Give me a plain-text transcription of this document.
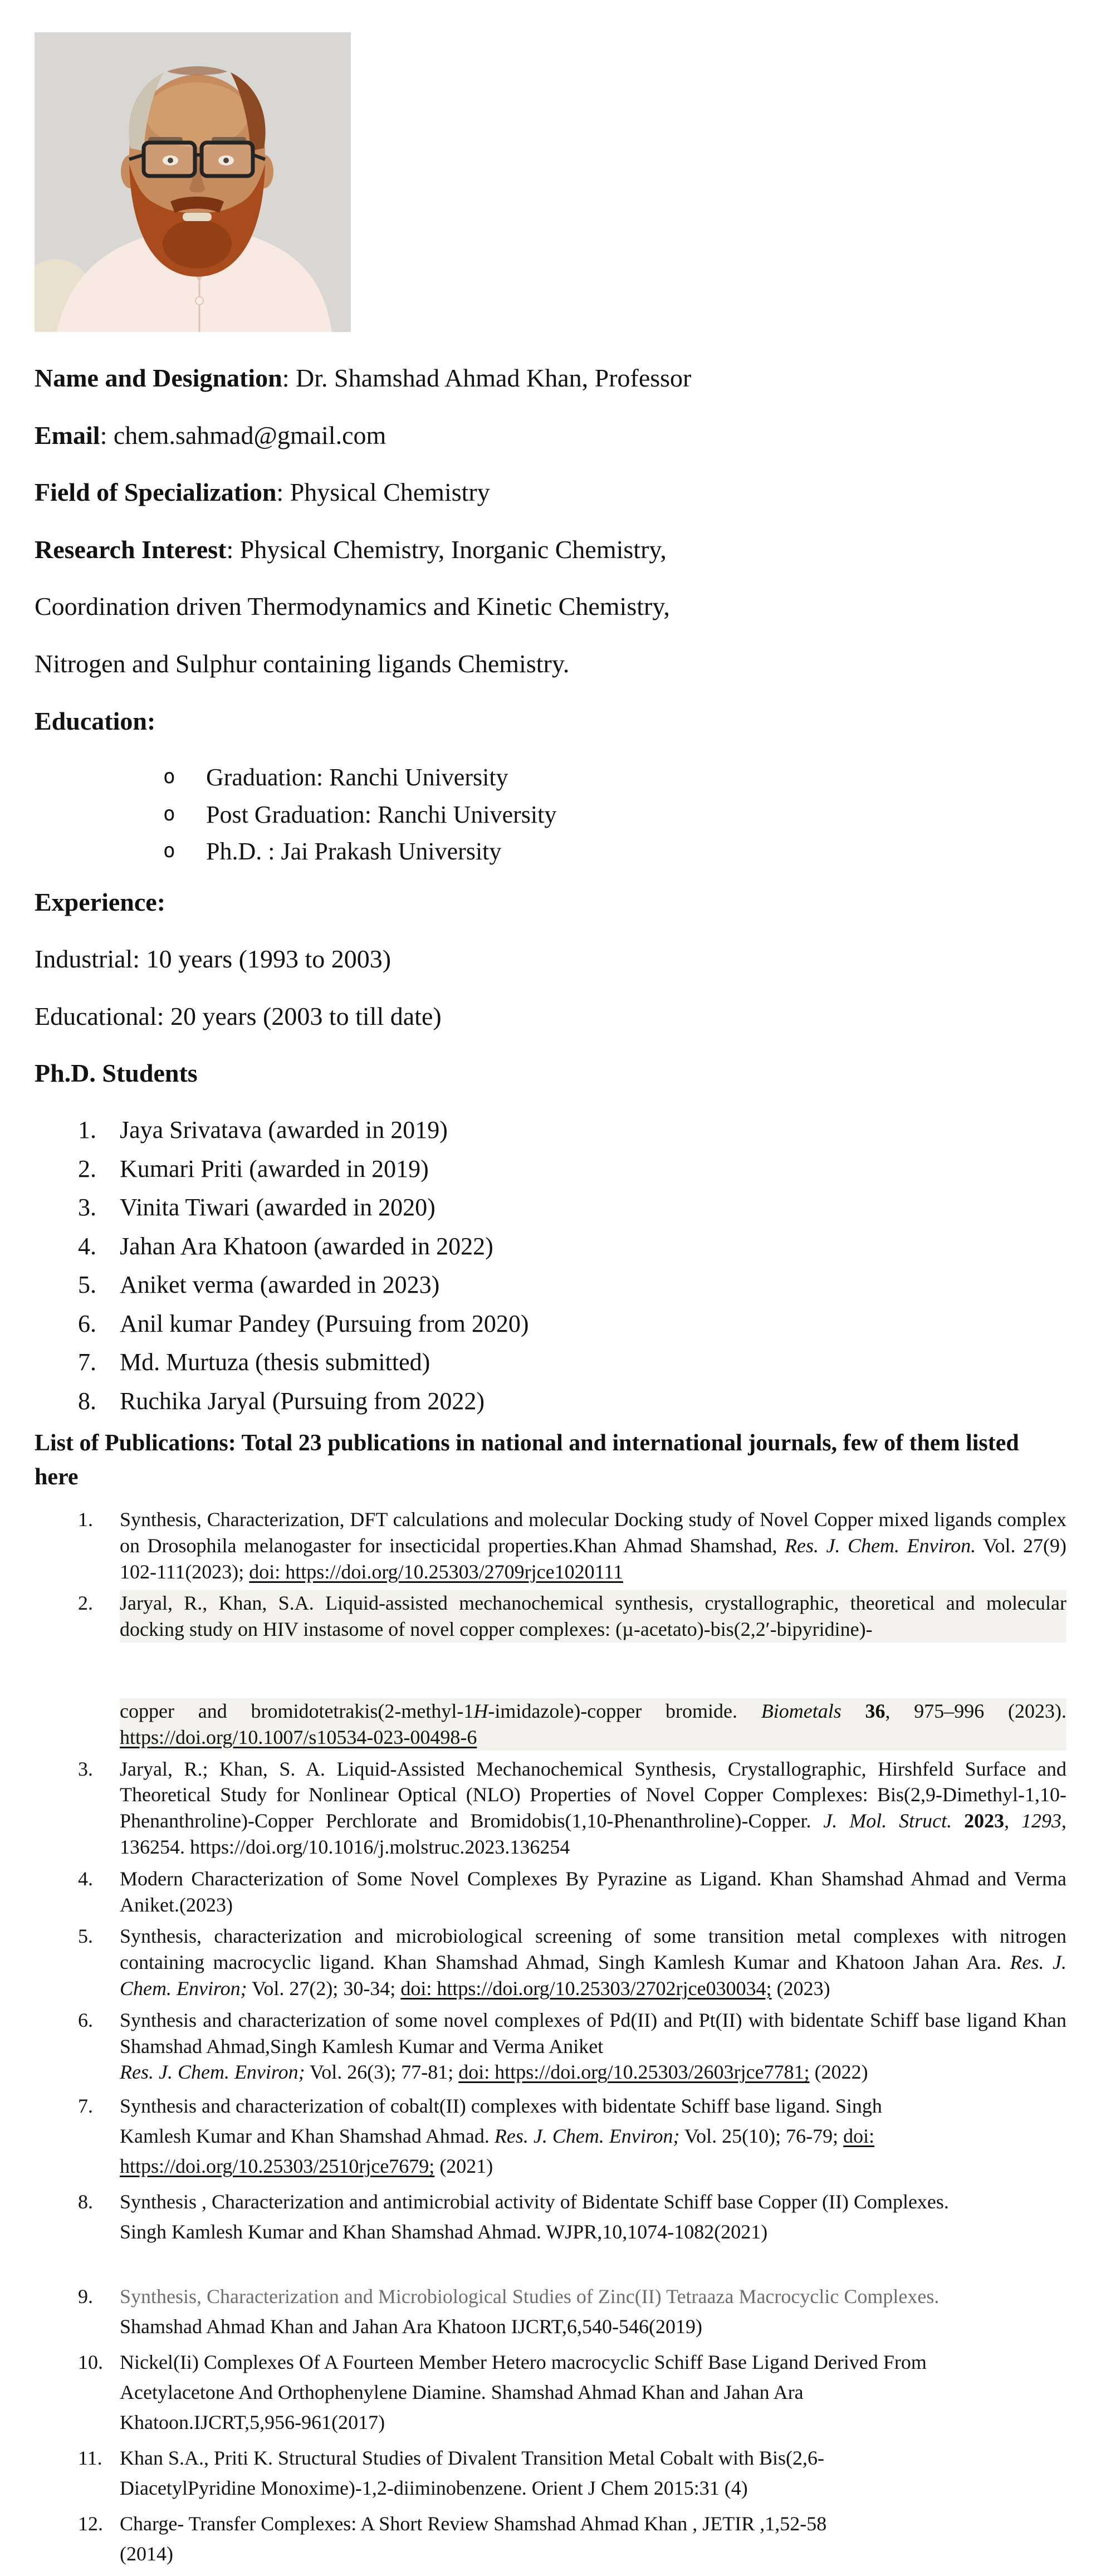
Name and Designation: Dr. Shamshad Ahmad Khan, Professor

Email: chem.sahmad@gmail.com

Field of Specialization: Physical Chemistry

Research Interest: Physical Chemistry, Inorganic Chemistry,

Coordination driven Thermodynamics and Kinetic Chemistry,

Nitrogen and Sulphur containing ligands Chemistry.

Education:

o	Graduation: Ranchi University
o	Post Graduation: Ranchi University
o	Ph.D. : Jai Prakash University

Experience:

Industrial: 10 years (1993 to 2003)

Educational: 20 years (2003 to till date)

Ph.D. Students

1. Jaya Srivatava (awarded in 2019)
2. Kumari Priti (awarded in 2019)
3. Vinita Tiwari (awarded in 2020)
4. Jahan Ara Khatoon (awarded in 2022)
5. Aniket verma (awarded in 2023)
6. Anil kumar Pandey (Pursuing from 2020)
7. Md. Murtuza (thesis submitted)
8. Ruchika Jaryal (Pursuing from 2022)

List of Publications: Total 23 publications in national and international journals, few of them listed here

1.	Synthesis, Characterization, DFT calculations and molecular Docking study of Novel Copper mixed ligands complex on Drosophila melanogaster for insecticidal properties.Khan Ahmad Shamshad, Res. J. Chem. Environ. Vol. 27(9) 102-111(2023); doi: https://doi.org/10.25303/2709rjce1020111
2.	Jaryal, R., Khan, S.A. Liquid-assisted mechanochemical synthesis, crystallographic, theoretical and molecular docking study on HIV instasome of novel copper complexes: (µ-acetato)-bis(2,2′-bipyridine)-
copper and bromidotetrakis(2-methyl-1H-imidazole)-copper bromide. Biometals 36, 975–996 (2023). https://doi.org/10.1007/s10534-023-00498-6
3.	Jaryal, R.; Khan, S. A. Liquid-Assisted Mechanochemical Synthesis, Crystallographic, Hirshfeld Surface and Theoretical Study for Nonlinear Optical (NLO) Properties of Novel Copper Complexes: Bis(2,9-Dimethyl-1,10-Phenanthroline)-Copper Perchlorate and Bromidobis(1,10-Phenanthroline)-Copper. J. Mol. Struct. 2023, 1293, 136254. https://doi.org/10.1016/j.molstruc.2023.136254
4.	Modern Characterization of Some Novel Complexes By Pyrazine as Ligand. Khan Shamshad Ahmad and Verma Aniket.(2023)
5.	Synthesis, characterization and microbiological screening of some transition metal complexes with nitrogen containing macrocyclic ligand. Khan Shamshad Ahmad, Singh Kamlesh Kumar and Khatoon Jahan Ara. Res. J. Chem. Environ; Vol. 27(2); 30-34; doi: https://doi.org/10.25303/2702rjce030034; (2023)
6.	Synthesis and characterization of some novel complexes of Pd(II) and Pt(II) with bidentate Schiff base ligand Khan Shamshad Ahmad,Singh Kamlesh Kumar and Verma Aniket
Res. J. Chem. Environ; Vol. 26(3); 77-81; doi: https://doi.org/10.25303/2603rjce7781; (2022)
7.	Synthesis and characterization of cobalt(II) complexes with bidentate Schiff base ligand. Singh
Kamlesh Kumar and Khan Shamshad Ahmad. Res. J. Chem. Environ; Vol. 25(10); 76-79; doi:
https://doi.org/10.25303/2510rjce7679; (2021)
8.	Synthesis , Characterization and antimicrobial activity of Bidentate Schiff base Copper (II) Complexes.
Singh Kamlesh Kumar and Khan Shamshad Ahmad. WJPR,10,1074-1082(2021)
9.	Synthesis, Characterization and Microbiological Studies of Zinc(II) Tetraaza Macrocyclic Complexes.
Shamshad Ahmad Khan and Jahan Ara Khatoon IJCRT,6,540-546(2019)
10. Nickel(Ii) Complexes Of A Fourteen Member Hetero macrocyclic Schiff Base Ligand Derived From
Acetylacetone And Orthophenylene Diamine. Shamshad Ahmad Khan and Jahan Ara
Khatoon.IJCRT,5,956-961(2017)
11. Khan S.A., Priti K. Structural Studies of Divalent Transition Metal Cobalt with Bis(2,6-
DiacetylPyridine Monoxime)-1,2-diiminobenzene. Orient J Chem 2015:31 (4)
12. Charge- Transfer Complexes: A Short Review Shamshad Ahmad Khan , JETIR ,1,52-58
(2014)
